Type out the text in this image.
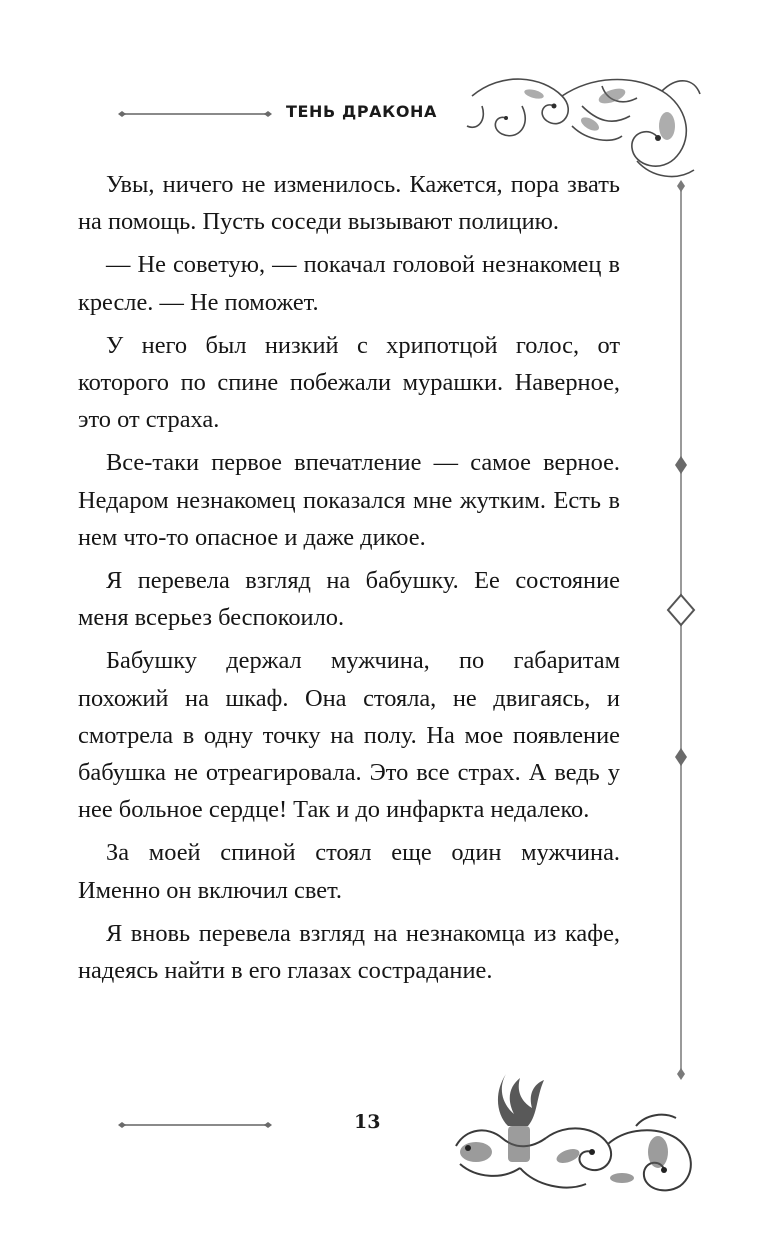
ТЕНЬ ДРАКОНА

Увы, ничего не изменилось. Кажется, пора звать на помощь. Пусть соседи вызывают полицию.

— Не советую, — покачал головой незнакомец в кресле. — Не поможет.

У него был низкий с хрипотцой голос, от которого по спине побежали мурашки. Наверное, это от страха.

Все-таки первое впечатление — самое верное. Недаром незнакомец показался мне жутким. Есть в нем что-то опасное и даже дикое.

Я перевела взгляд на бабушку. Ее состояние меня всерьез беспокоило.

Бабушку держал мужчина, по габаритам похожий на шкаф. Она стояла, не двигаясь, и смотрела в одну точку на полу. На мое появление бабушка не отреагировала. Это все страх. А ведь у нее больное сердце! Так и до инфаркта недалеко.

За моей спиной стоял еще один мужчина. Именно он включил свет.

Я вновь перевела взгляд на незнакомца из кафе, надеясь найти в его глазах сострадание.

13
